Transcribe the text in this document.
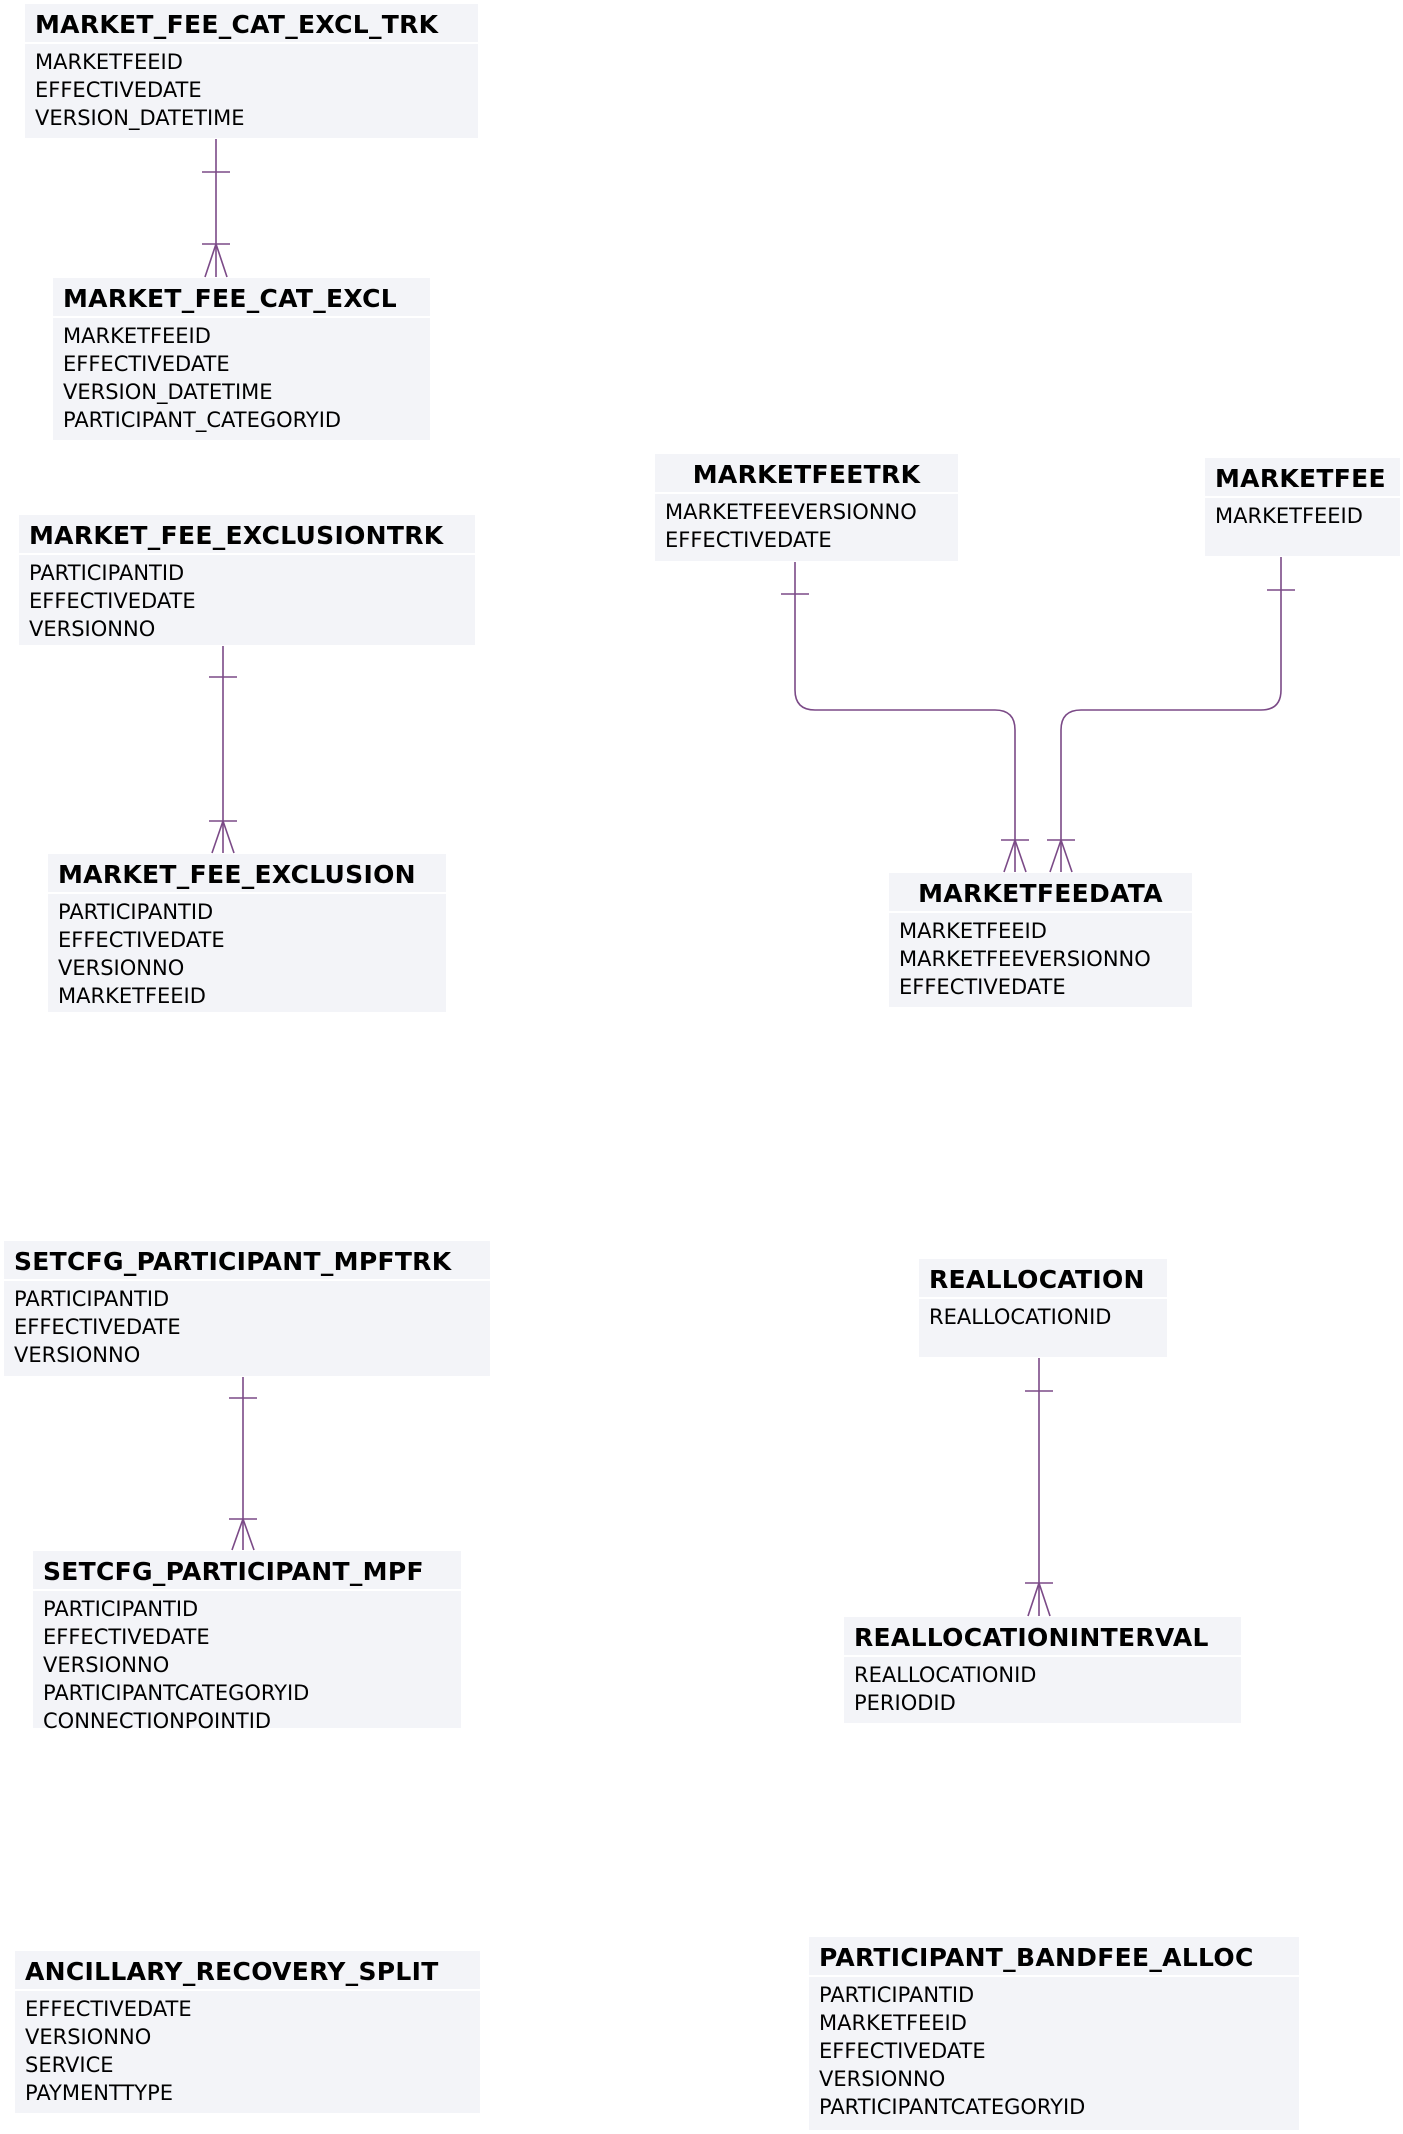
MARKET_FEE_CAT_EXCL_TRK
MARKETFEEID
EFFECTIVEDATE
VERSION_DATETIME
MARKET_FEE_CAT_EXCL
MARKETFEEID
EFFECTIVEDATE
VERSION_DATETIME
PARTICIPANT_CATEGORYID
MARKET_FEE_EXCLUSIONTRK
PARTICIPANTID
EFFECTIVEDATE
VERSIONNO
MARKET_FEE_EXCLUSION
PARTICIPANTID
EFFECTIVEDATE
VERSIONNO
MARKETFEEID
MARKETFEETRK
MARKETFEEVERSIONNO
EFFECTIVEDATE
MARKETFEE
MARKETFEEID
MARKETFEEDATA
MARKETFEEID
MARKETFEEVERSIONNO
EFFECTIVEDATE
SETCFG_PARTICIPANT_MPFTRK
PARTICIPANTID
EFFECTIVEDATE
VERSIONNO
SETCFG_PARTICIPANT_MPF
PARTICIPANTID
EFFECTIVEDATE
VERSIONNO
PARTICIPANTCATEGORYID
CONNECTIONPOINTID
REALLOCATION
REALLOCATIONID
REALLOCATIONINTERVAL
REALLOCATIONID
PERIODID
ANCILLARY_RECOVERY_SPLIT
EFFECTIVEDATE
VERSIONNO
SERVICE
PAYMENTTYPE
PARTICIPANT_BANDFEE_ALLOC
PARTICIPANTID
MARKETFEEID
EFFECTIVEDATE
VERSIONNO
PARTICIPANTCATEGORYID
